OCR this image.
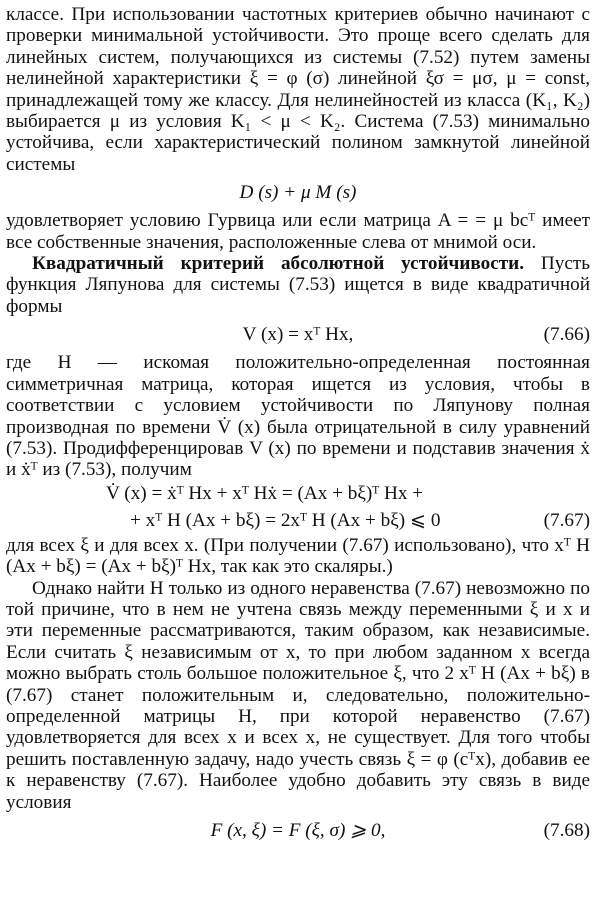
классе. При использовании частотных критериев обычно начинают с проверки минимальной устойчивости. Это проще всего сделать для линейных систем, получающихся из системы (7.52) путем замены нелинейной характеристики ξ = φ (σ) линейной ξσ = μσ, μ = const, принадлежащей тому же классу. Для нелинейностей из класса (K₁, K₂) выбирается μ из условия K₁ < μ < K₂. Система (7.53) минимально устойчива, если характеристический полином замкнутой линейной системы

D (s) + μ M (s)

удовлетворяет условию Гурвица или если матрица A = = μ bcᵀ имеет все собственные значения, расположенные слева от мнимой оси.

Квадратичный критерий абсолютной устойчивости. Пусть функция Ляпунова для системы (7.53) ищется в виде квадратичной формы

V (x) = xᵀ Hx,	(7.66)

где H — искомая положительно-определенная постоянная симметричная матрица, которая ищется из условия, чтобы в соответствии с условием устойчивости по Ляпунову полная производная по времени V̇ (x) была отрицательной в силу уравнений (7.53). Продифференцировав V (x) по времени и подставив значения ẋ и ẋᵀ из (7.53), получим

V̇ (x) = ẋᵀ Hx + xᵀ Hẋ = (Ax + bξ)ᵀ Hx +
+ xᵀ H (Ax + bξ) = 2xᵀ H (Ax + bξ) ⩽ 0	(7.67)

для всех ξ и для всех x. (При получении (7.67) использовано), что xᵀ H (Ax + bξ) = (Ax + bξ)ᵀ Hx, так как это скаляры.)

Однако найти H только из одного неравенства (7.67) невозможно по той причине, что в нем не учтена связь между переменными ξ и x и эти переменные рассматриваются, таким образом, как независимые. Если считать ξ независимым от x, то при любом заданном x всегда можно выбрать столь большое положительное ξ, что 2 xᵀ H (Ax + bξ) в (7.67) станет положительным и, следовательно, положительно-определенной матрицы H, при которой неравенство (7.67) удовлетворяется для всех x и всех x, не существует. Для того чтобы решить поставленную задачу, надо учесть связь ξ = φ (cᵀx), добавив ее к неравенству (7.67). Наиболее удобно добавить эту связь в виде условия

F (x, ξ) = F (ξ, σ) ⩾ 0,	(7.68)
